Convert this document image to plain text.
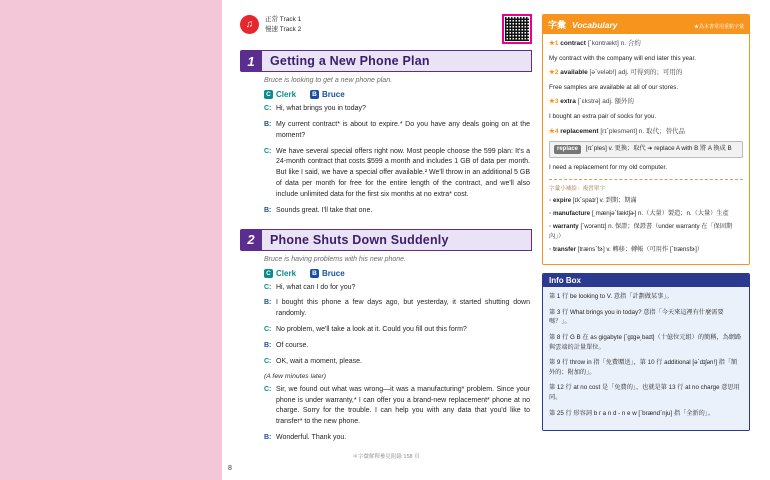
♫	正常 Track 1
慢速 Track 2
1	Getting a New Phone Plan
Bruce is looking to get a new phone plan.
C Clerk	B Bruce
C: Hi, what brings you in today?
B: My current contract* is about to expire.* Do you have any deals going on at the moment?
C: We have several special offers right now. Most people choose the 599 plan: It's a 24-month contract that costs $599 a month and includes 1 GB of data per month. But like I said, we have a special offer available.² We'll throw in an additional 5 GB of data per month for free for the entire length of the contract, and we'll also include unlimited data for the first six months at no extra* cost.
B: Sounds great. I'll take that one.
2	Phone Shuts Down Suddenly
Bruce is having problems with his new phone.
C Clerk	B Bruce
C: Hi, what can I do for you?
B: I bought this phone a few days ago, but yesterday, it started shutting down randomly.
C: No problem, we'll take a look at it. Could you fill out this form?
B: Of course.
C: OK, wait a moment, please.
(A few minutes later)
C: Sir, we found out what was wrong—it was a manufacturing* problem. Since your phone is under warranty,* I can offer you a brand-new replacement* phone at no charge. Sorry for the trouble. I can help you with any data that you'd like to transfer* to the new phone.
B: Wonderful. Thank you.
＊字彙解釋參見附錄 158 頁
字彙 Vocabulary	★為本書常用重點字彙
★1 contract [ˋkɑntrækt] n. 合約
My contract with the company will end later this year.
★2 available [əˋveləb!] adj. 可得到的；可用的
Free samples are available at all of our stores.
★3 extra [ˋɛkstrə] adj. 額外的
I bought an extra pair of socks for you.
★4 replacement [rɪˋplesmənt] n. 取代；替代品
replace [rɪˋples] v. 更換；取代 ➜ replace A with B 將 A 換成 B
I need a replacement for my old computer.
字彙小補給：複習單字
◦ expire [ɪkˋspaɪr] v. 到期；期滿
◦ manufacture [͵mænjəˋfæktʃɚ] n.（大量）製造；n.（大量）生產
◦ warranty [ˋwɔrəntɪ] n. 保證；保證書（under warranty 在「保固期內」）
◦ transfer [trænsˋfɝ] v. 轉移；轉帳（可用作 [ˋtrænsfɝ]）
Info Box
第 1 行 be looking to V. 意指「計劃做某事」。
第 3 行 What brings you in today? 意指「今天來這裡有什麼需要嗎？」。
第 8 行 G B 在 as gigabyte [ˋgɪgə͵baɪt]（十億位元組）的簡稱，為網路與雲端的計量單位。
第 9 行 throw in 指「免費贈送」，第 10 行 additional [əˋdɪʃən!] 指「額外的；附加的」。
第 12 行 at no cost 是「免費的」，也就是第 13 行 at no charge 意思用同。
第 25 行 形容詞 b r a n d - n e w [ˋbrændˋnju] 指「全新的」。
8
